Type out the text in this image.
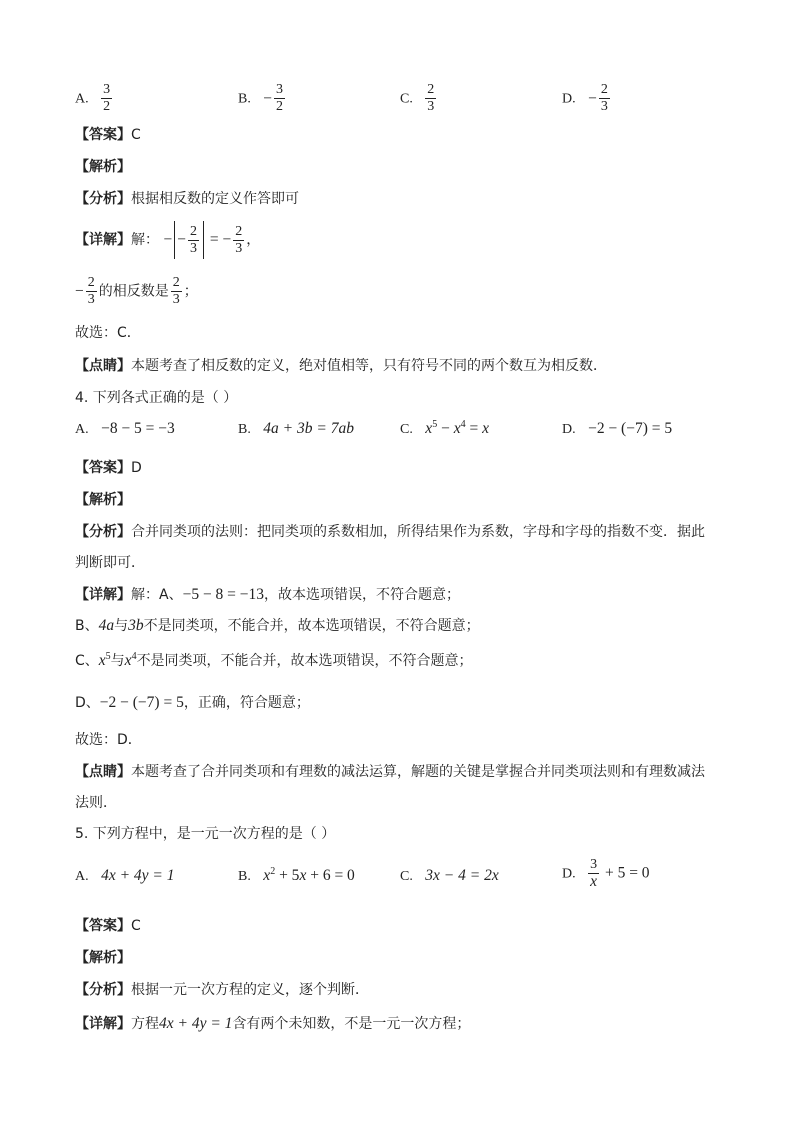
A. $\frac{3}{2}$	B. − $\frac{3}{2}$	C. $\frac{2}{3}$	D. − $\frac{2}{3}$
【答案】C
【解析】
【分析】根据相反数的定义作答即可
【详解】解： − − $\frac{2}{3}$ = − $\frac{2}{3}$ ，
− $\frac{2}{3}$ 的相反数是 $\frac{2}{3}$ ；
故选：C．
【点睛】本题考查了相反数的定义，绝对值相等，只有符号不同的两个数互为相反数．
4. 下列各式正确的是（ ）
A. −8 − 5 = −3	B. 4a + 3b = 7ab	C. $x^5 - x^4 = x$	D. −2 − (−7) = 5
【答案】D
【解析】
【分析】合并同类项的法则：把同类项的系数相加，所得结果作为系数，字母和字母的指数不变．据此
判断即可．
【详解】解：A、−5 − 8 = −13，故本选项错误，不符合题意；
B、4a与3b不是同类项，不能合并，故本选项错误，不符合题意；
C、$x^5$与$x^4$不是同类项，不能合并，故本选项错误，不符合题意；
D、−2 − (−7) = 5，正确，符合题意；
故选：D．
【点睛】本题考查了合并同类项和有理数的减法运算，解题的关键是掌握合并同类项法则和有理数减法
法则．
5. 下列方程中，是一元一次方程的是（ ）
A. 4x + 4y = 1	B. $x^2 + 5x + 6 = 0$	C. 3x − 4 = 2x	D. $\frac{3}{x} + 5 = 0$
【答案】C
【解析】
【分析】根据一元一次方程的定义，逐个判断．
【详解】方程4x + 4y = 1含有两个未知数，不是一元一次方程；
